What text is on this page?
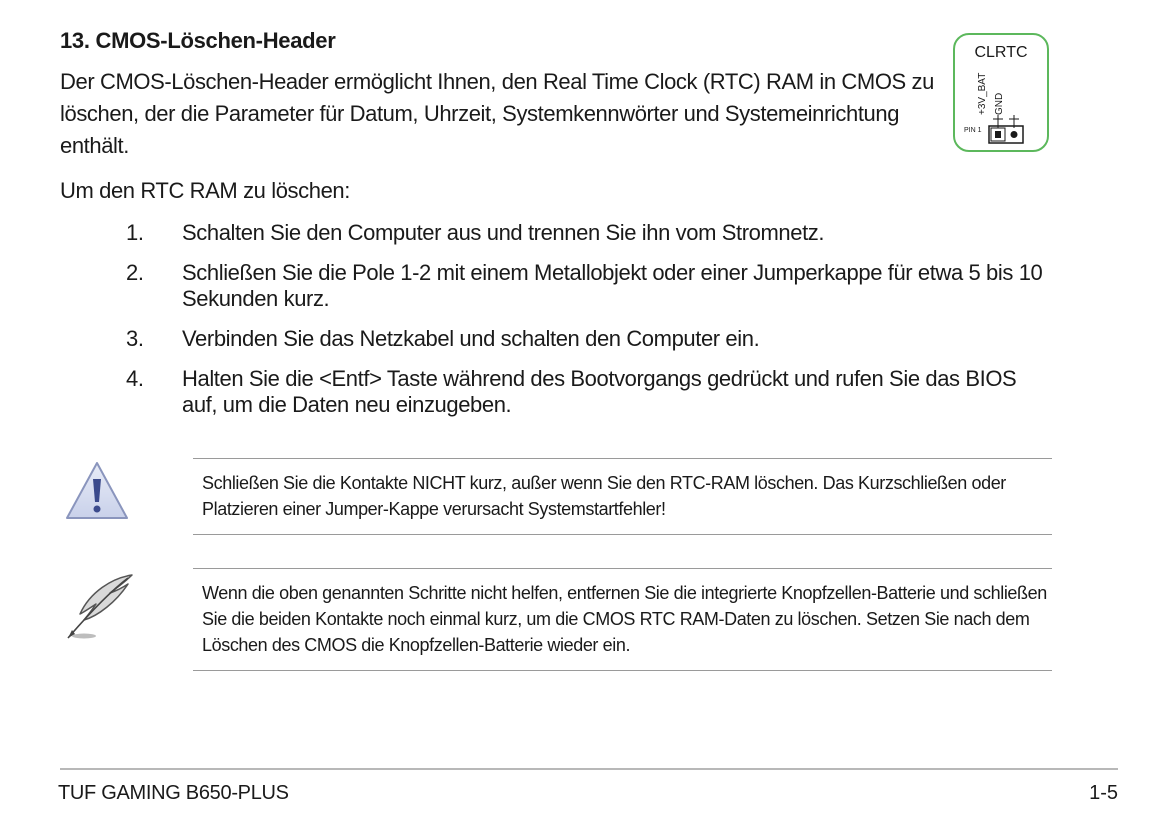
13. CMOS-Löschen-Header
Der CMOS-Löschen-Header ermöglicht Ihnen, den Real Time Clock (RTC) RAM in CMOS zu löschen, der die Parameter für Datum, Uhrzeit, Systemkennwörter und Systemeinrichtung enthält.
CLRTC
+3V_BAT GND
PIN 1
Um den RTC RAM zu löschen:
1.	Schalten Sie den Computer aus und trennen Sie ihn vom Stromnetz.
2.	Schließen Sie die Pole 1-2 mit einem Metallobjekt oder einer Jumperkappe für etwa 5 bis 10 Sekunden kurz.
3.	Verbinden Sie das Netzkabel und schalten den Computer ein.
4.	Halten Sie die <Entf> Taste während des Bootvorgangs gedrückt und rufen Sie das BIOS auf, um die Daten neu einzugeben.
Schließen Sie die Kontakte NICHT kurz, außer wenn Sie den RTC-RAM löschen. Das Kurzschließen oder Platzieren einer Jumper-Kappe verursacht Systemstartfehler!
Wenn die oben genannten Schritte nicht helfen, entfernen Sie die integrierte Knopfzellen-Batterie und schließen Sie die beiden Kontakte noch einmal kurz, um die CMOS RTC RAM-Daten zu löschen. Setzen Sie nach dem Löschen des CMOS die Knopfzellen-Batterie wieder ein.
TUF GAMING B650-PLUS	1-5
